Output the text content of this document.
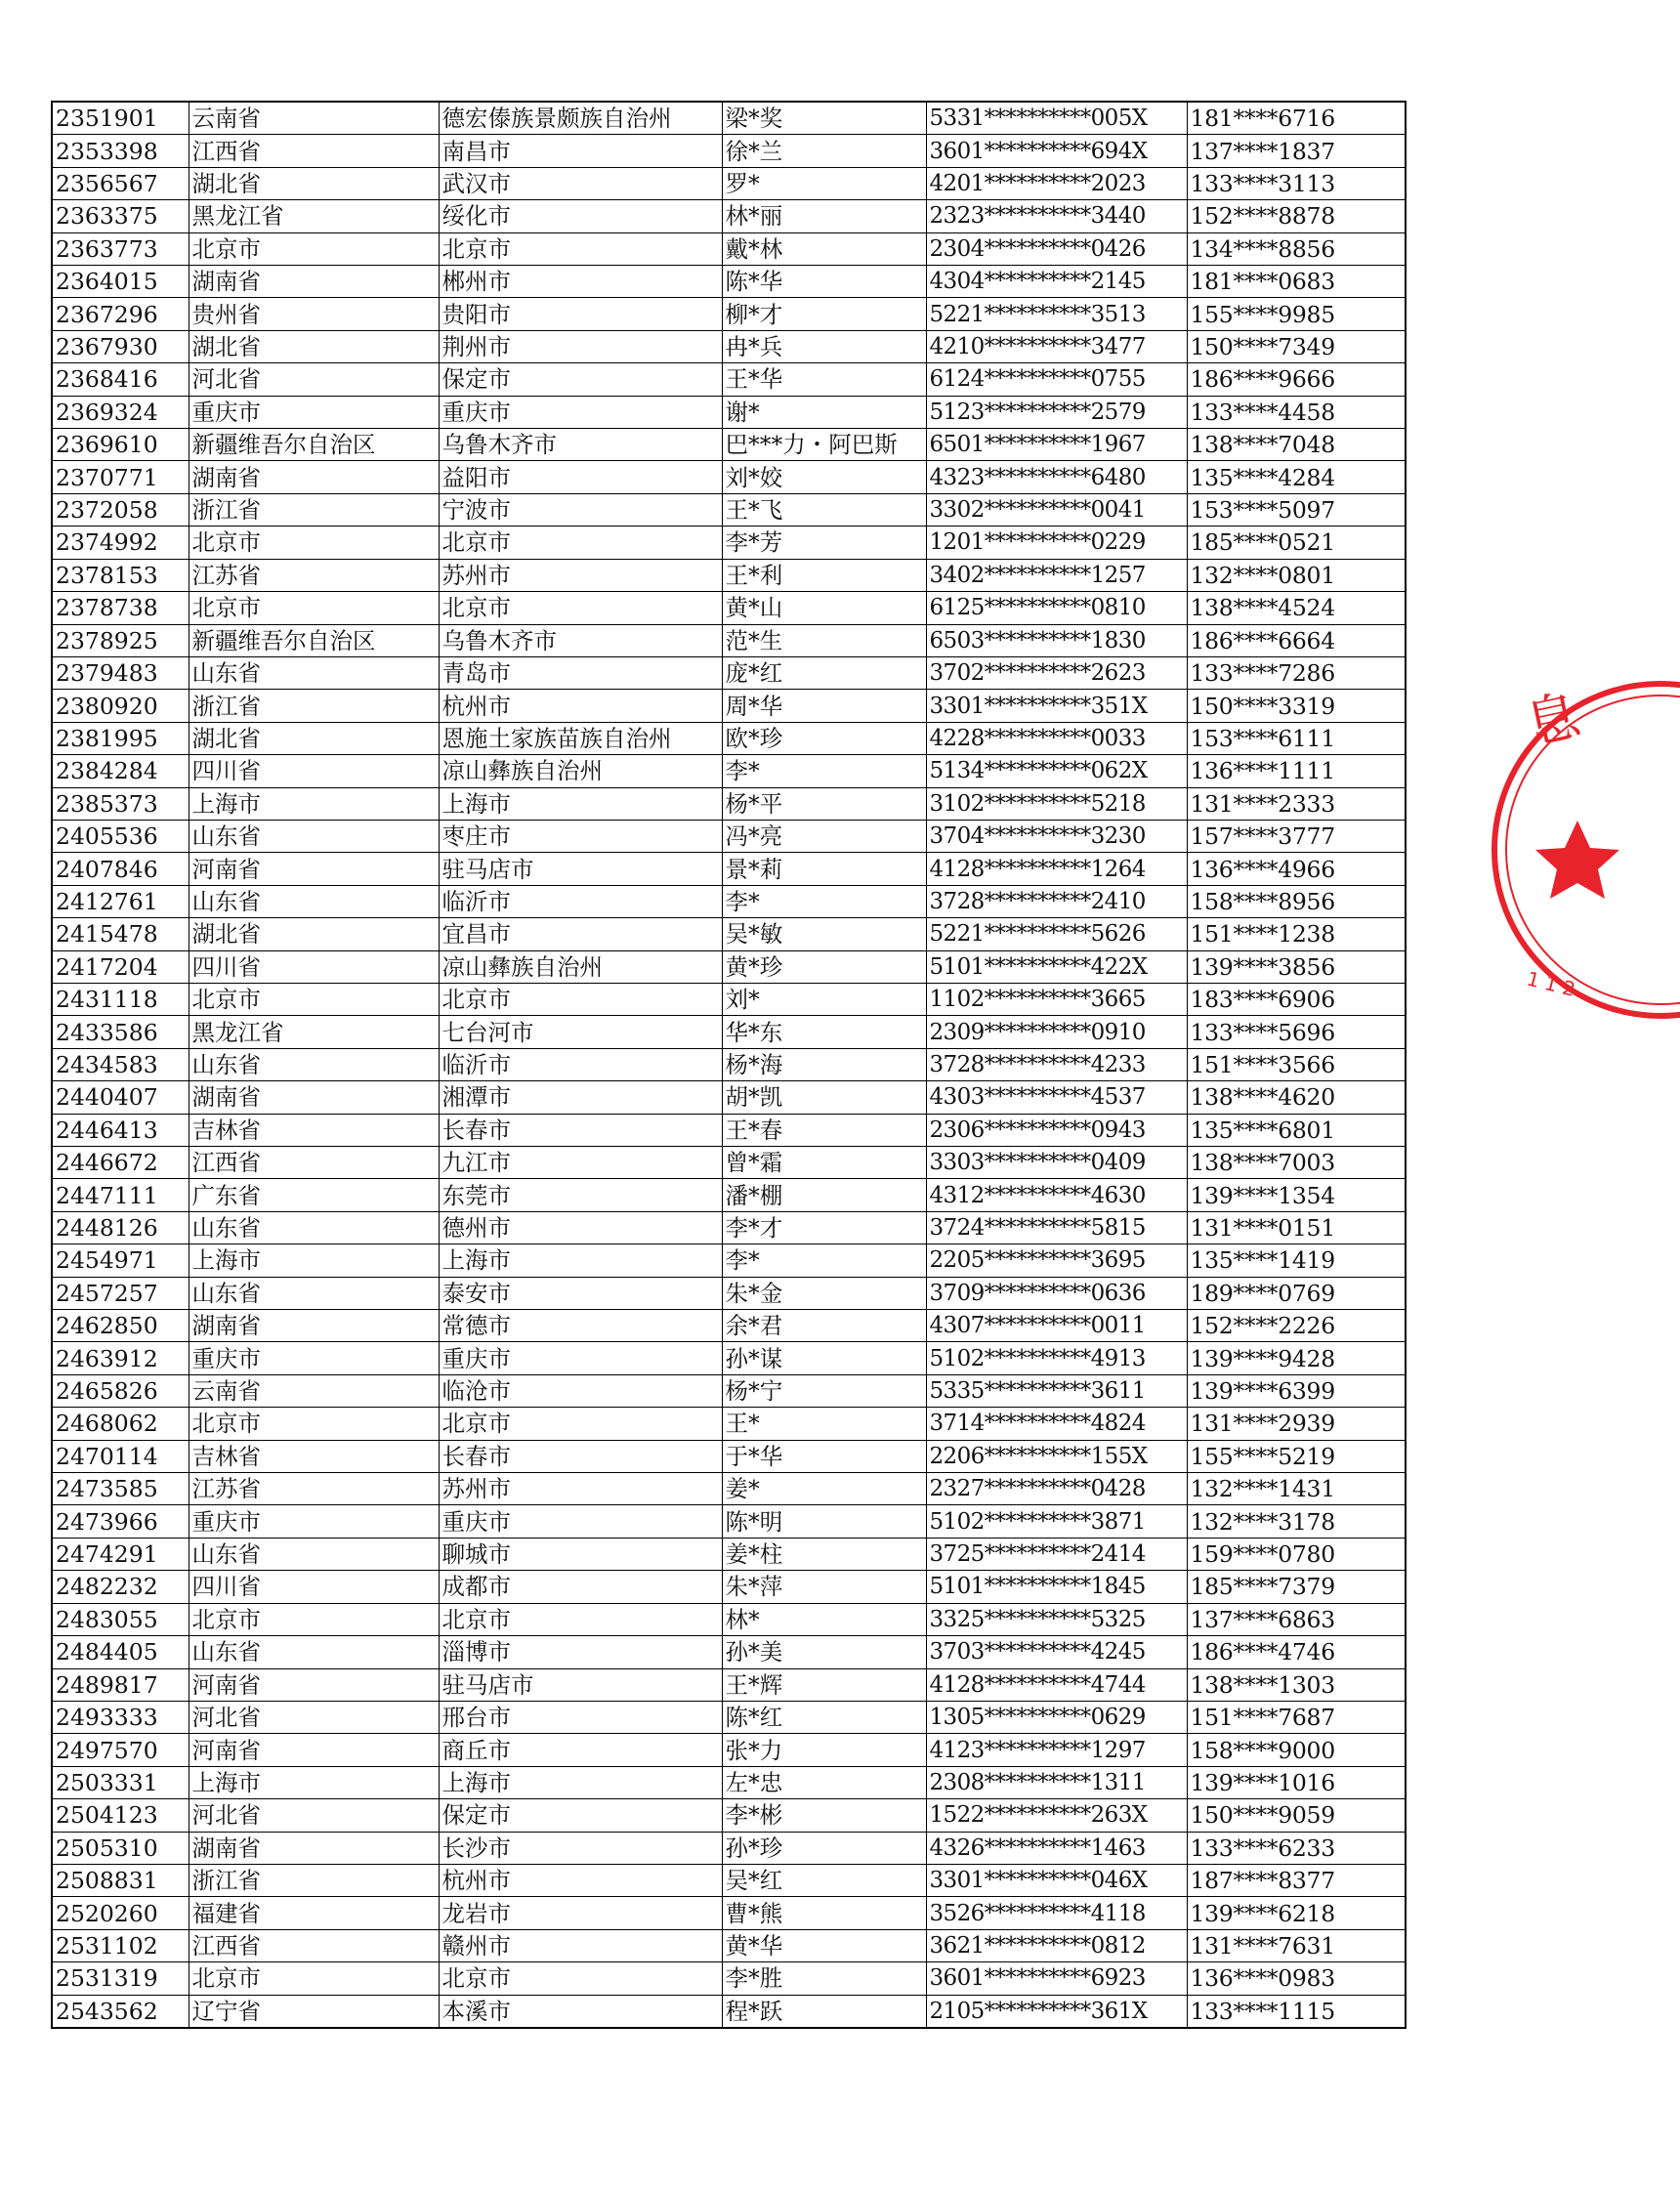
2351901	云南省	德宏傣族景颇族自治州	梁*奖	5331**********005X	181****6716
2353398	江西省	南昌市	徐*兰	3601**********694X	137****1837
2356567	湖北省	武汉市	罗*	4201**********2023	133****3113
2363375	黑龙江省	绥化市	林*丽	2323**********3440	152****8878
2363773	北京市	北京市	戴*林	2304**********0426	134****8856
2364015	湖南省	郴州市	陈*华	4304**********2145	181****0683
2367296	贵州省	贵阳市	柳*才	5221**********3513	155****9985
2367930	湖北省	荆州市	冉*兵	4210**********3477	150****7349
2368416	河北省	保定市	王*华	6124**********0755	186****9666
2369324	重庆市	重庆市	谢*	5123**********2579	133****4458
2369610	新疆维吾尔自治区	乌鲁木齐市	巴***力・阿巴斯	6501**********1967	138****7048
2370771	湖南省	益阳市	刘*姣	4323**********6480	135****4284
2372058	浙江省	宁波市	王*飞	3302**********0041	153****5097
2374992	北京市	北京市	李*芳	1201**********0229	185****0521
2378153	江苏省	苏州市	王*利	3402**********1257	132****0801
2378738	北京市	北京市	黄*山	6125**********0810	138****4524
2378925	新疆维吾尔自治区	乌鲁木齐市	范*生	6503**********1830	186****6664
2379483	山东省	青岛市	庞*红	3702**********2623	133****7286
2380920	浙江省	杭州市	周*华	3301**********351X	150****3319
2381995	湖北省	恩施土家族苗族自治州	欧*珍	4228**********0033	153****6111
2384284	四川省	凉山彝族自治州	李*	5134**********062X	136****1111
2385373	上海市	上海市	杨*平	3102**********5218	131****2333
2405536	山东省	枣庄市	冯*亮	3704**********3230	157****3777
2407846	河南省	驻马店市	景*莉	4128**********1264	136****4966
2412761	山东省	临沂市	李*	3728**********2410	158****8956
2415478	湖北省	宜昌市	吴*敏	5221**********5626	151****1238
2417204	四川省	凉山彝族自治州	黄*珍	5101**********422X	139****3856
2431118	北京市	北京市	刘*	1102**********3665	183****6906
2433586	黑龙江省	七台河市	华*东	2309**********0910	133****5696
2434583	山东省	临沂市	杨*海	3728**********4233	151****3566
2440407	湖南省	湘潭市	胡*凯	4303**********4537	138****4620
2446413	吉林省	长春市	王*春	2306**********0943	135****6801
2446672	江西省	九江市	曾*霜	3303**********0409	138****7003
2447111	广东省	东莞市	潘*棚	4312**********4630	139****1354
2448126	山东省	德州市	李*才	3724**********5815	131****0151
2454971	上海市	上海市	李*	2205**********3695	135****1419
2457257	山东省	泰安市	朱*金	3709**********0636	189****0769
2462850	湖南省	常德市	余*君	4307**********0011	152****2226
2463912	重庆市	重庆市	孙*谋	5102**********4913	139****9428
2465826	云南省	临沧市	杨*宁	5335**********3611	139****6399
2468062	北京市	北京市	王*	3714**********4824	131****2939
2470114	吉林省	长春市	于*华	2206**********155X	155****5219
2473585	江苏省	苏州市	姜*	2327**********0428	132****1431
2473966	重庆市	重庆市	陈*明	5102**********3871	132****3178
2474291	山东省	聊城市	姜*柱	3725**********2414	159****0780
2482232	四川省	成都市	朱*萍	5101**********1845	185****7379
2483055	北京市	北京市	林*	3325**********5325	137****6863
2484405	山东省	淄博市	孙*美	3703**********4245	186****4746
2489817	河南省	驻马店市	王*辉	4128**********4744	138****1303
2493333	河北省	邢台市	陈*红	1305**********0629	151****7687
2497570	河南省	商丘市	张*力	4123**********1297	158****9000
2503331	上海市	上海市	左*忠	2308**********1311	139****1016
2504123	河北省	保定市	李*彬	1522**********263X	150****9059
2505310	湖南省	长沙市	孙*珍	4326**********1463	133****6233
2508831	浙江省	杭州市	吴*红	3301**********046X	187****8377
2520260	福建省	龙岩市	曹*熊	3526**********4118	139****6218
2531102	江西省	赣州市	黄*华	3621**********0812	131****7631
2531319	北京市	北京市	李*胜	3601**********6923	136****0983
2543562	辽宁省	本溪市	程*跃	2105**********361X	133****1115
息
112
